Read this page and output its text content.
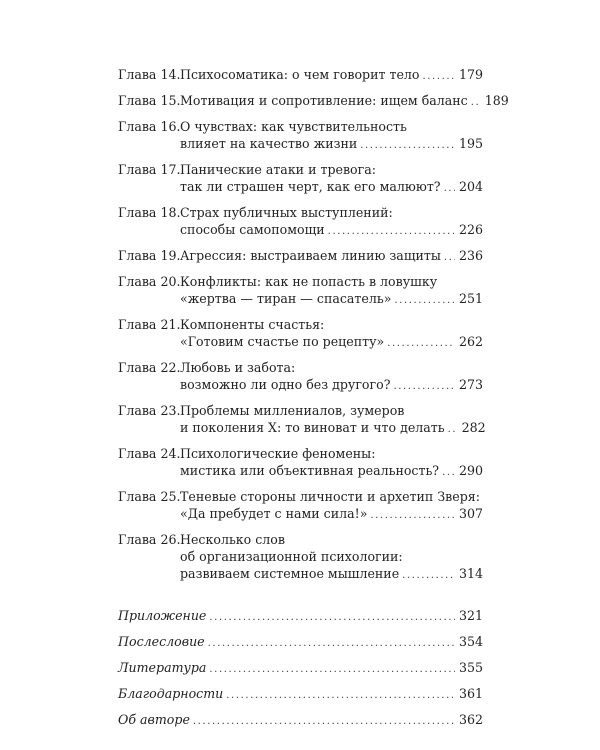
Глава 14. Психосоматика: о чем говорит тело .....	179
Глава 15. Мотивация и сопротивление: ищем баланс ..... 189
Глава 16. О чувствах: как чувствительность
влияет на качество жизни .....	195
Глава 17. Панические атаки и тревога:
так ли страшен черт, как его малюют? ..... 204
Глава 18. Страх публичных выступлений:
способы самопомощи .....	226
Глава 19. Агрессия: выстраиваем линию защиты ..... 236
Глава 20. Конфликты: как не попасть в ловушку
«жертва — тиран — спасатель» .....	251
Глава 21. Компоненты счастья:
«Готовим счастье по рецепту» .....	262
Глава 22. Любовь и забота:
возможно ли одно без другого? .....	273
Глава 23. Проблемы миллениалов, зумеров
и поколения Х: то виноват и что делать ..... 282
Глава 24. Психологические феномены:
мистика или объективная реальность? ..... 290
Глава 25. Теневые стороны личности и архетип Зверя:
«Да пребудет с нами сила!» .....	307
Глава 26. Несколько слов
об организационной психологии:
развиваем системное мышление .....	314
Приложение .....	321
Послесловие .....	354
Литература .....	355
Благодарности .....	361
Об авторе .....	362
